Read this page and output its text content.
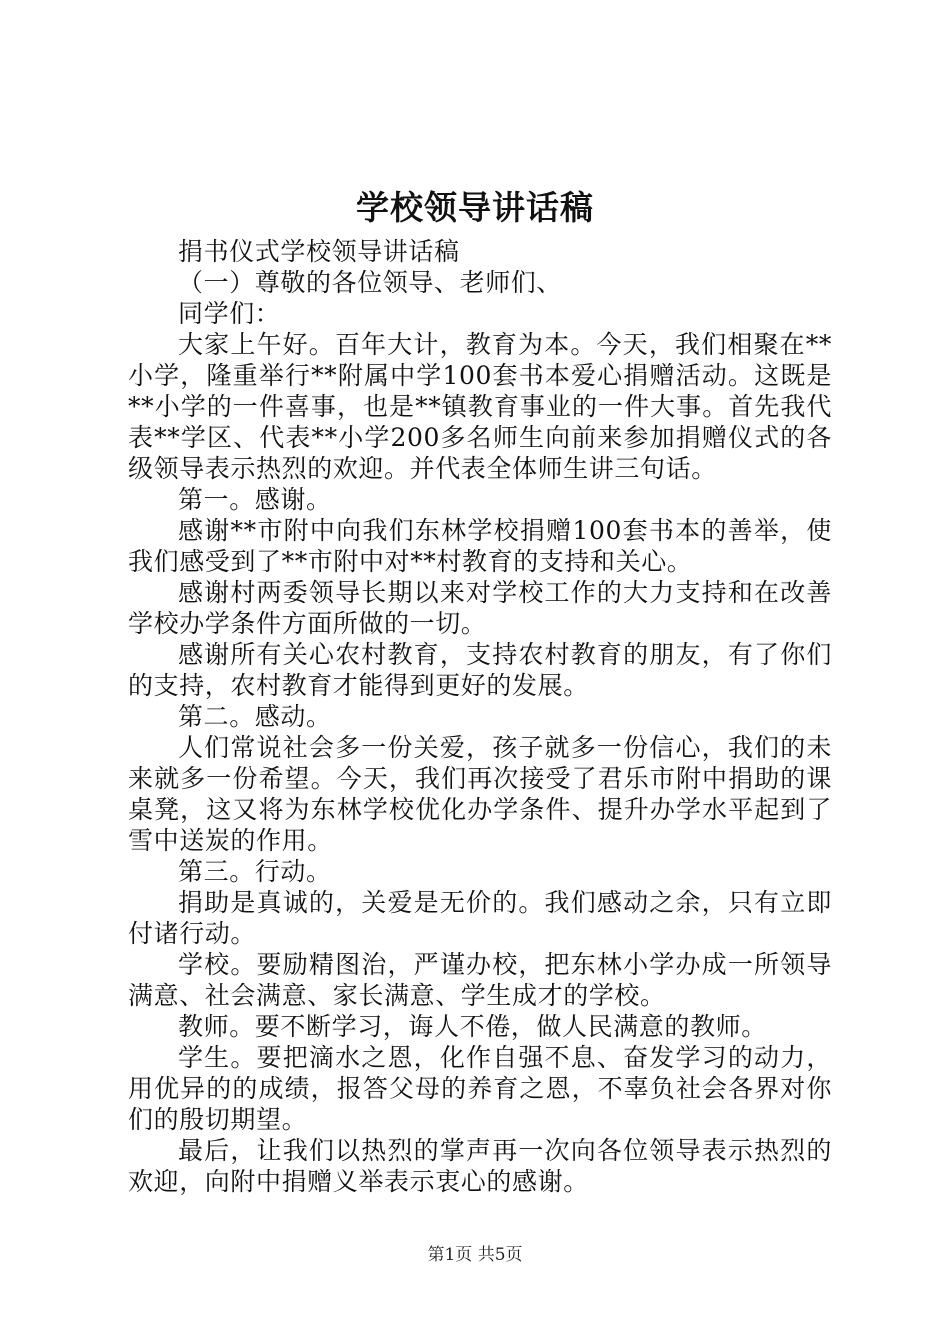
学校领导讲话稿

捐书仪式学校领导讲话稿

（一）尊敬的各位领导、老师们、

同学们：

大家上午好。百年大计，教育为本。今天，我们相聚在**小学，隆重举行**附属中学100套书本爱心捐赠活动。这既是**小学的一件喜事，也是**镇教育事业的一件大事。首先我代表**学区、代表**小学200多名师生向前来参加捐赠仪式的各级领导表示热烈的欢迎。并代表全体师生讲三句话。

第一。感谢。

感谢**市附中向我们东林学校捐赠100套书本的善举，使我们感受到了**市附中对**村教育的支持和关心。

感谢村两委领导长期以来对学校工作的大力支持和在改善学校办学条件方面所做的一切。

感谢所有关心农村教育，支持农村教育的朋友，有了你们的支持，农村教育才能得到更好的发展。

第二。感动。

人们常说社会多一份关爱，孩子就多一份信心，我们的未来就多一份希望。今天，我们再次接受了君乐市附中捐助的课桌凳，这又将为东林学校优化办学条件、提升办学水平起到了雪中送炭的作用。

第三。行动。

捐助是真诚的，关爱是无价的。我们感动之余，只有立即付诸行动。

学校。要励精图治，严谨办校，把东林小学办成一所领导满意、社会满意、家长满意、学生成才的学校。

教师。要不断学习，诲人不倦，做人民满意的教师。

学生。要把滴水之恩，化作自强不息、奋发学习的动力，用优异的的成绩，报答父母的养育之恩，不辜负社会各界对你们的殷切期望。

最后，让我们以热烈的掌声再一次向各位领导表示热烈的欢迎，向附中捐赠义举表示衷心的感谢。

第1页 共5页
